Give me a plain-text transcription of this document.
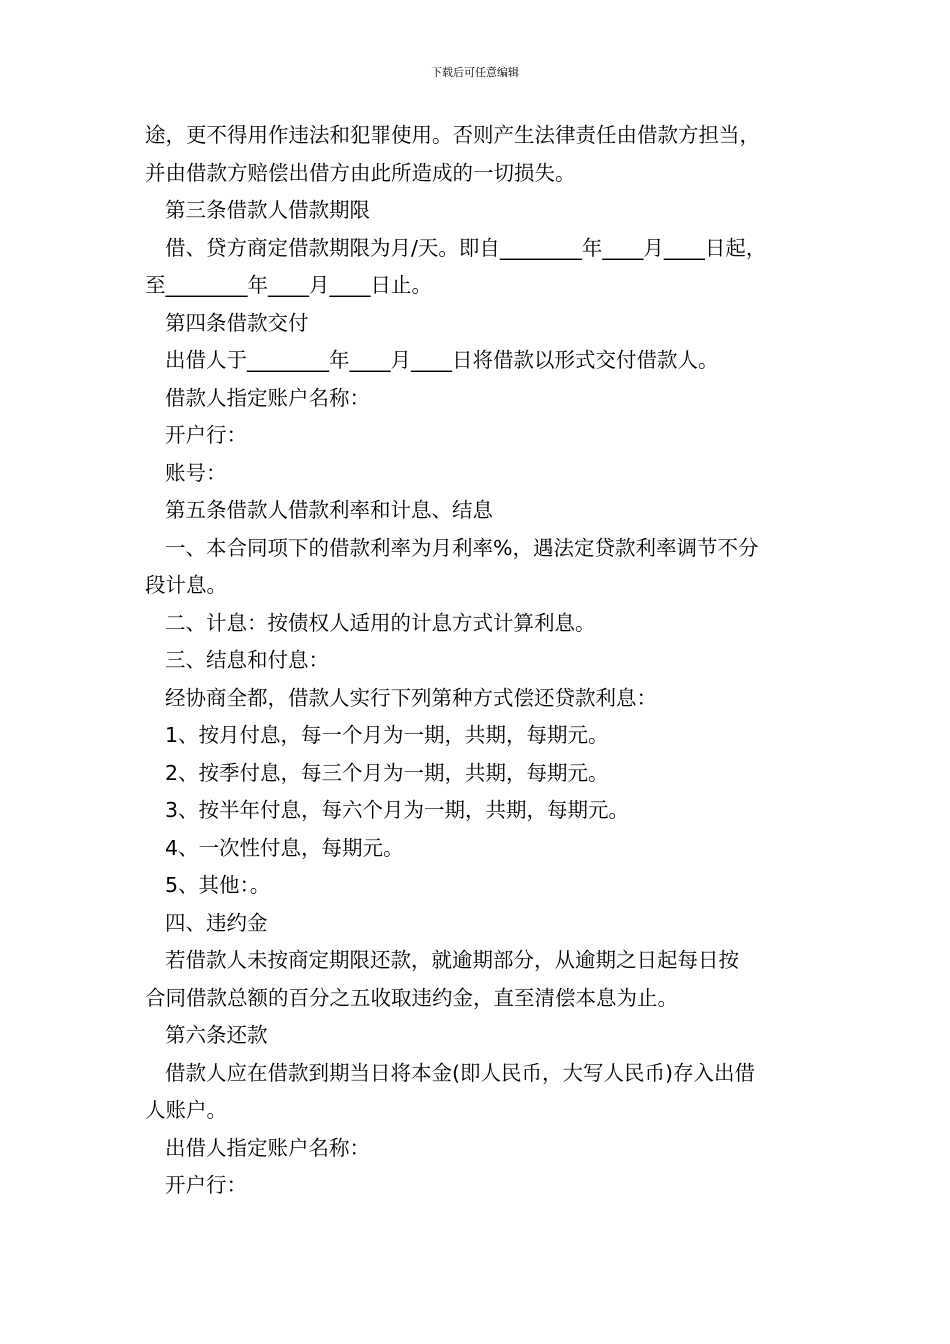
下载后可任意编辑

途，更不得用作违法和犯罪使用。否则产生法律责任由借款方担当，

并由借款方赔偿出借方由此所造成的一切损失。

第三条借款人借款期限

借、贷方商定借款期限为月/天。即自________年____月____日起，

至________年____月____日止。

第四条借款交付

出借人于________年____月____日将借款以形式交付借款人。

借款人指定账户名称：

开户行：

账号：

第五条借款人借款利率和计息、结息

一、本合同项下的借款利率为月利率%，遇法定贷款利率调节不分

段计息。

二、计息：按债权人适用的计息方式计算利息。

三、结息和付息：

经协商全都，借款人实行下列第种方式偿还贷款利息：

1、按月付息，每一个月为一期，共期，每期元。

2、按季付息，每三个月为一期，共期，每期元。

3、按半年付息，每六个月为一期，共期，每期元。

4、一次性付息，每期元。

5、其他：。

四、违约金

若借款人未按商定期限还款，就逾期部分，从逾期之日起每日按

合同借款总额的百分之五收取违约金，直至清偿本息为止。

第六条还款

借款人应在借款到期当日将本金(即人民币，大写人民币)存入出借

人账户。

出借人指定账户名称：

开户行：
